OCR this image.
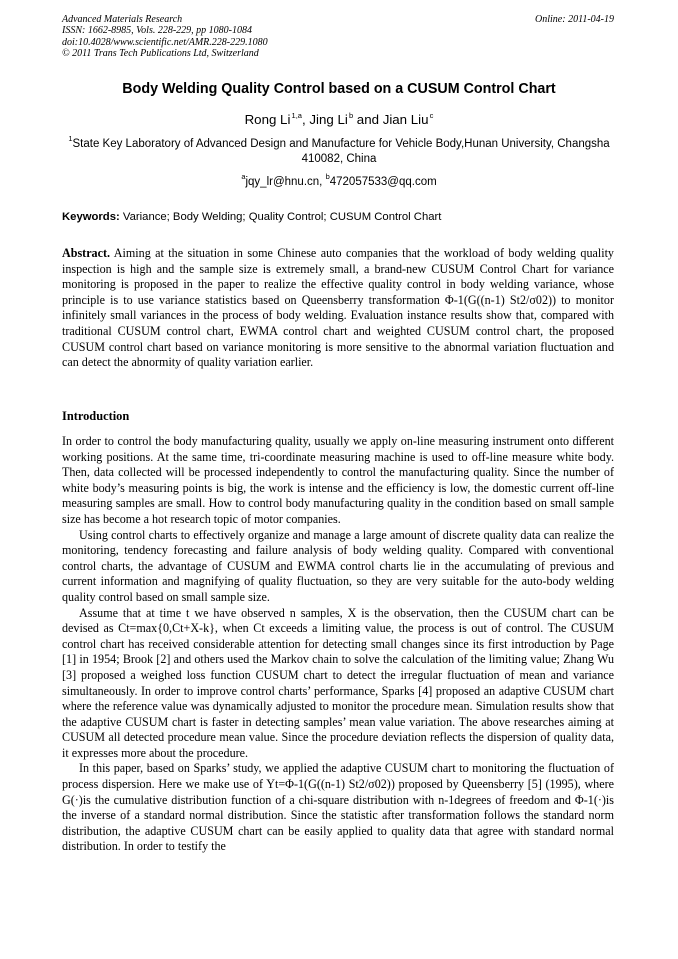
Advanced Materials Research
ISSN: 1662-8985, Vols. 228-229, pp 1080-1084
doi:10.4028/www.scientific.net/AMR.228-229.1080
© 2011 Trans Tech Publications Ltd, Switzerland
Online: 2011-04-19
Body Welding Quality Control based on a CUSUM Control Chart
Rong Li $^{1,a}$, Jing Li $^b$ and Jian Liu $^c$
$^1$State Key Laboratory of Advanced Design and Manufacture for Vehicle Body,Hunan University, Changsha 410082, China
$^a$jqy_lr@hnu.cn, $^b$472057533@qq.com
Keywords: Variance; Body Welding; Quality Control; CUSUM Control Chart

Abstract. Aiming at the situation in some Chinese auto companies that the workload of body welding quality inspection is high and the sample size is extremely small, a brand-new CUSUM Control Chart for variance monitoring is proposed in the paper to realize the effective quality control in body welding variance, whose principle is to use variance statistics based on Queensberry transformation Φ-1(G((n-1) St2/σ02)) to monitor infinitely small variances in the process of body welding. Evaluation instance results show that, compared with traditional CUSUM control chart, EWMA control chart and weighted CUSUM control chart, the proposed CUSUM control chart based on variance monitoring is more sensitive to the abnormal variation fluctuation and can detect the abnormity of quality variation earlier.

Introduction

In order to control the body manufacturing quality, usually we apply on-line measuring instrument onto different working positions. At the same time, tri-coordinate measuring machine is used to off-line measure white body. Then, data collected will be processed independently to control the manufacturing quality. Since the number of white body’s measuring points is big, the work is intense and the efficiency is low, the domestic current off-line measuring samples are small. How to control body manufacturing quality in the condition based on small sample size has become a hot research topic of motor companies.

Using control charts to effectively organize and manage a large amount of discrete quality data can realize the monitoring, tendency forecasting and failure analysis of body welding quality. Compared with conventional control charts, the advantage of CUSUM and EWMA control charts lie in the accumulating of previous and current information and magnifying of quality fluctuation, so they are very suitable for the auto-body welding quality control based on small sample size.

Assume that at time t we have observed n samples, X is the observation, then the CUSUM chart can be devised as Ct=max{0,Ct+X-k}, when Ct exceeds a limiting value, the process is out of control. The CUSUM control chart has received considerable attention for detecting small changes since its first introduction by Page [1] in 1954; Brook [2] and others used the Markov chain to solve the calculation of the limiting value; Zhang Wu [3] proposed a weighed loss function CUSUM chart to detect the irregular fluctuation of mean and variance simultaneously. In order to improve control charts’ performance, Sparks [4] proposed an adaptive CUSUM chart where the reference value was dynamically adjusted to monitor the procedure mean. Simulation results show that the adaptive CUSUM chart is faster in detecting samples’ mean value variation. The above researches aiming at CUSUM all detected procedure mean value. Since the procedure deviation reflects the dispersion of quality data, it expresses more about the procedure.

In this paper, based on Sparks’ study, we applied the adaptive CUSUM chart to monitoring the fluctuation of process dispersion. Here we make use of Yt=Φ-1(G((n-1) St2/σ02)) proposed by Queensberry [5] (1995), where G(·)is the cumulative distribution function of a chi-square distribution with n-1degrees of freedom and Φ-1(·)is the inverse of a standard normal distribution. Since the statistic after transformation follows the standard norm distribution, the adaptive CUSUM chart can be easily applied to quality data that agree with standard normal distribution. In order to testify the
